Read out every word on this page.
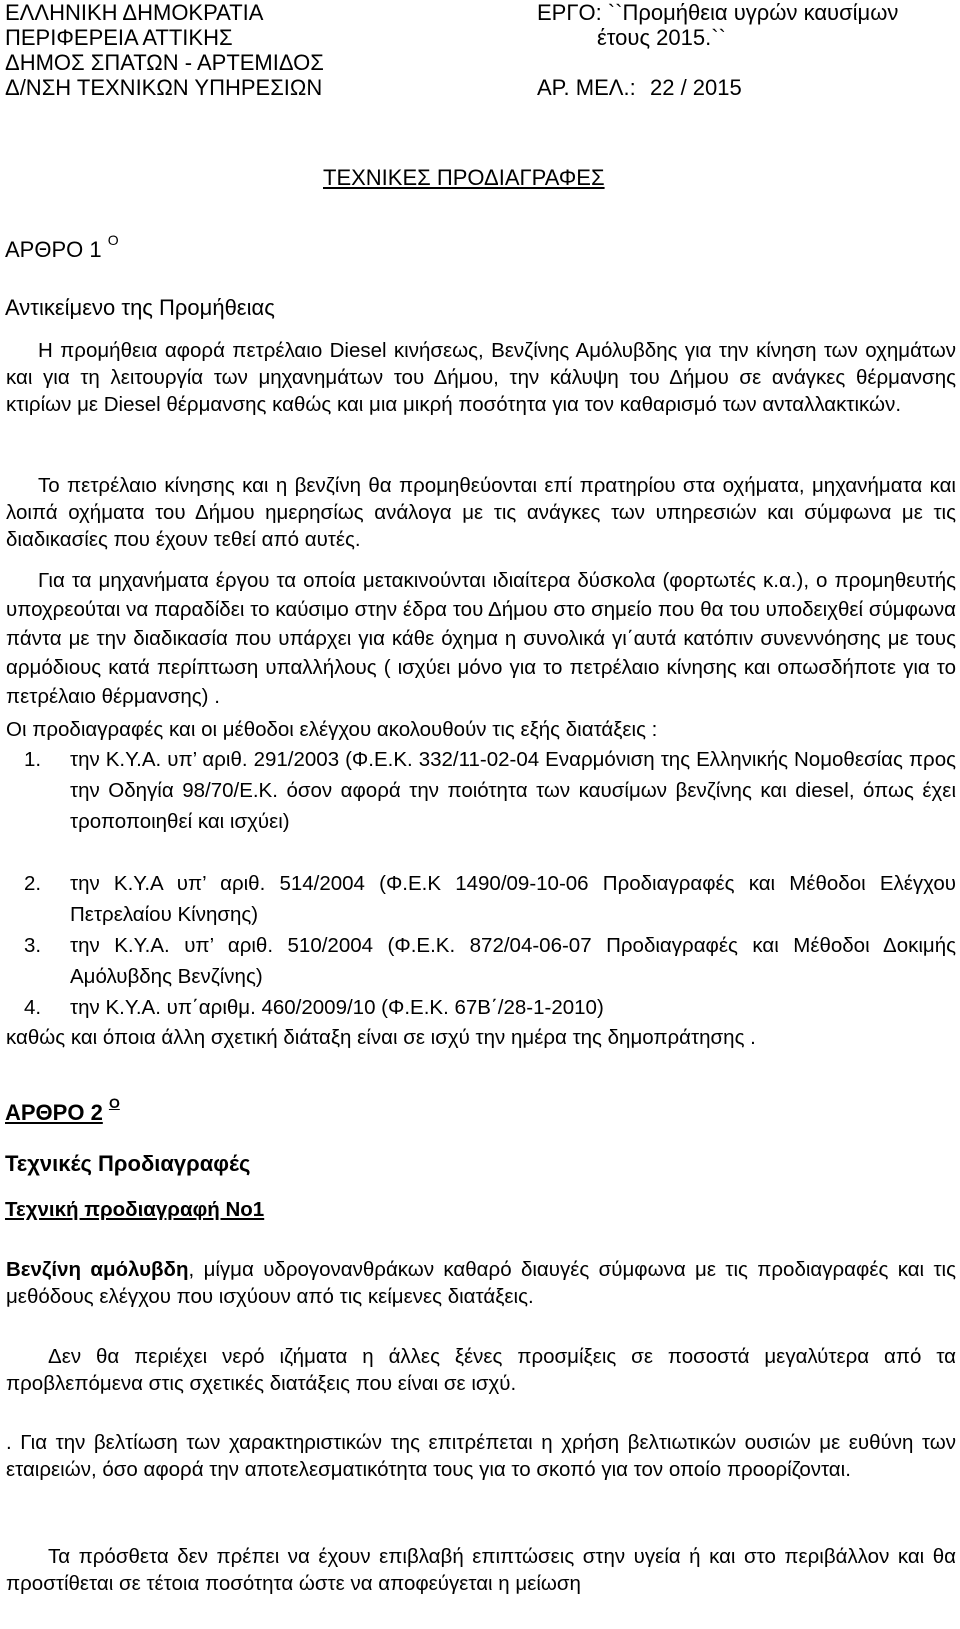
ΕΛΛΗΝΙΚΗ ΔΗΜΟΚΡΑΤΙΑ
ΠΕΡΙΦΕΡΕΙΑ ΑΤΤΙΚΗΣ
ΔΗΜΟΣ ΣΠΑΤΩΝ - ΑΡΤΕΜΙΔΟΣ
Δ/ΝΣΗ ΤΕΧΝΙΚΩΝ ΥΠΗΡΕΣΙΩΝ
ΕΡΓΟ: ``Προμήθεια υγρών καυσίμων
έτους 2015.``
ΑΡ. ΜΕΛ.: 22 / 2015
ΤΕΧΝΙΚΕΣ ΠΡΟΔΙΑΓΡΑΦΕΣ
ΑΡΘΡΟ 1 $^O$
Αντικείμενο της Προμήθειας
Η προμήθεια αφορά πετρέλαιο Diesel κινήσεως, Βενζίνης Αμόλυβδης για την κίνηση των οχημάτων και για τη λειτουργία των μηχανημάτων του Δήμου, την κάλυψη του Δήμου σε ανάγκες θέρμανσης κτιρίων με Diesel θέρμανσης καθώς και μια μικρή ποσότητα για τον καθαρισμό των ανταλλακτικών.
Το πετρέλαιο κίνησης και η βενζίνη θα προμηθεύονται επί πρατηρίου στα οχήματα, μηχανήματα και λοιπά οχήματα του Δήμου ημερησίως ανάλογα με τις ανάγκες των υπηρεσιών και σύμφωνα με τις διαδικασίες που έχουν τεθεί από αυτές.
Για τα μηχανήματα έργου τα οποία μετακινούνται ιδιαίτερα δύσκολα (φορτωτές κ.α.), ο προμηθευτής υποχρεούται να παραδίδει το καύσιμο στην έδρα του Δήμου στο σημείο που θα του υποδειχθεί σύμφωνα πάντα με την διαδικασία που υπάρχει για κάθε όχημα η συνολικά γι΄αυτά κατόπιν συνεννόησης με τους αρμόδιους κατά περίπτωση υπαλλήλους ( ισχύει μόνο για το πετρέλαιο κίνησης και οπωσδήποτε για το πετρέλαιο θέρμανσης) .
Οι προδιαγραφές και οι μέθοδοι ελέγχου ακολουθούν τις εξής διατάξεις :
1. την Κ.Υ.Α. υπ’ αριθ. 291/2003 (Φ.Ε.Κ. 332/11-02-04 Εναρμόνιση της Ελληνικής Νομοθεσίας προς την Οδηγία 98/70/Ε.Κ. όσον αφορά την ποιότητα των καυσίμων βενζίνης και diesel, όπως έχει τροποποιηθεί και ισχύει)
2. την Κ.Υ.Α υπ’ αριθ. 514/2004 (Φ.Ε.Κ 1490/09-10-06 Προδιαγραφές και Μέθοδοι Ελέγχου Πετρελαίου Κίνησης)
3. την Κ.Υ.Α. υπ’ αριθ. 510/2004 (Φ.Ε.Κ. 872/04-06-07 Προδιαγραφές και Μέθοδοι Δοκιμής Αμόλυβδης Βενζίνης)
4. την Κ.Υ.Α. υπ΄αριθμ. 460/2009/10 (Φ.Ε.Κ. 67Β΄/28-1-2010)
καθώς και όποια άλλη σχετική διάταξη είναι σε ισχύ την ημέρα της δημοπράτησης .
ΑΡΘΡΟ 2 $^O$
Τεχνικές Προδιαγραφές
Τεχνική προδιαγραφή Νο1
Βενζίνη αμόλυβδη, μίγμα υδρογονανθράκων καθαρό διαυγές σύμφωνα με τις προδιαγραφές και τις μεθόδους ελέγχου που ισχύουν από τις κείμενες διατάξεις.
Δεν θα περιέχει νερό ιζήματα η άλλες ξένες προσμίξεις σε ποσοστά μεγαλύτερα από τα προβλεπόμενα στις σχετικές διατάξεις που είναι σε ισχύ.
. Για την βελτίωση των χαρακτηριστικών της επιτρέπεται η χρήση βελτιωτικών ουσιών με ευθύνη των εταιρειών, όσο αφορά την αποτελεσματικότητα τους για το σκοπό για τον οποίο προορίζονται.
Τα πρόσθετα δεν πρέπει να έχουν επιβλαβή επιπτώσεις στην υγεία ή και στο περιβάλλον και θα προστίθεται σε τέτοια ποσότητα ώστε να αποφεύγεται η μείωση
